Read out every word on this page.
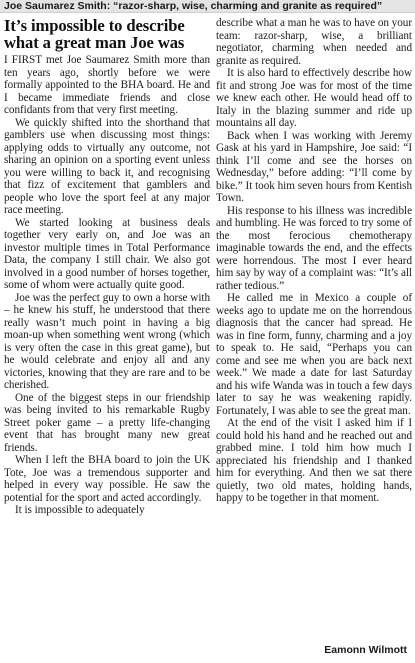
Joe Saumarez Smith: “razor-sharp, wise, charming and granite as required”
It’s impossible to describe what a great man Joe was

I FIRST met Joe Saumarez Smith more than ten years ago, shortly before we were formally appointed to the BHA board. He and I became immediate friends and close confidants from that very first meeting.

We quickly shifted into the shorthand that gamblers use when discussing most things: applying odds to virtually any outcome, not sharing an opinion on a sporting event unless you were willing to back it, and recognising that fizz of excitement that gamblers and people who love the sport feel at any major race meeting.

We started looking at business deals together very early on, and Joe was an investor multiple times in Total Performance Data, the company I still chair. We also got involved in a good number of horses together, some of whom were actually quite good.

Joe was the perfect guy to own a horse with – he knew his stuff, he understood that there really wasn’t much point in having a big moan-up when something went wrong (which is very often the case in this great game), but he would celebrate and enjoy all and any victories, knowing that they are rare and to be cherished.

One of the biggest steps in our friendship was being invited to his remarkable Rugby Street poker game – a pretty life-changing event that has brought many new great friends.

When I left the BHA board to join the UK Tote, Joe was a tremendous supporter and helped in every way possible. He saw the potential for the sport and acted accordingly.

It is impossible to adequately

describe what a man he was to have on your team: razor-sharp, wise, a brilliant negotiator, charming when needed and granite as required.

It is also hard to effectively describe how fit and strong Joe was for most of the time we knew each other. He would head off to Italy in the blazing summer and ride up mountains all day.

Back when I was working with Jeremy Gask at his yard in Hampshire, Joe said: “I think I’ll come and see the horses on Wednesday,” before adding: “I’ll come by bike.” It took him seven hours from Kentish Town.

His response to his illness was incredible and humbling. He was forced to try some of the most ferocious chemotherapy imaginable towards the end, and the effects were horrendous. The most I ever heard him say by way of a complaint was: “It’s all rather tedious.”

He called me in Mexico a couple of weeks ago to update me on the horrendous diagnosis that the cancer had spread. He was in fine form, funny, charming and a joy to speak to. He said, “Perhaps you can come and see me when you are back next week.” We made a date for last Saturday and his wife Wanda was in touch a few days later to say he was weakening rapidly. Fortunately, I was able to see the great man.

At the end of the visit I asked him if I could hold his hand and he reached out and grabbed mine. I told him how much I appreciated his friendship and I thanked him for everything. And then we sat there quietly, two old mates, holding hands, happy to be together in that moment.

Eamonn Wilmott
